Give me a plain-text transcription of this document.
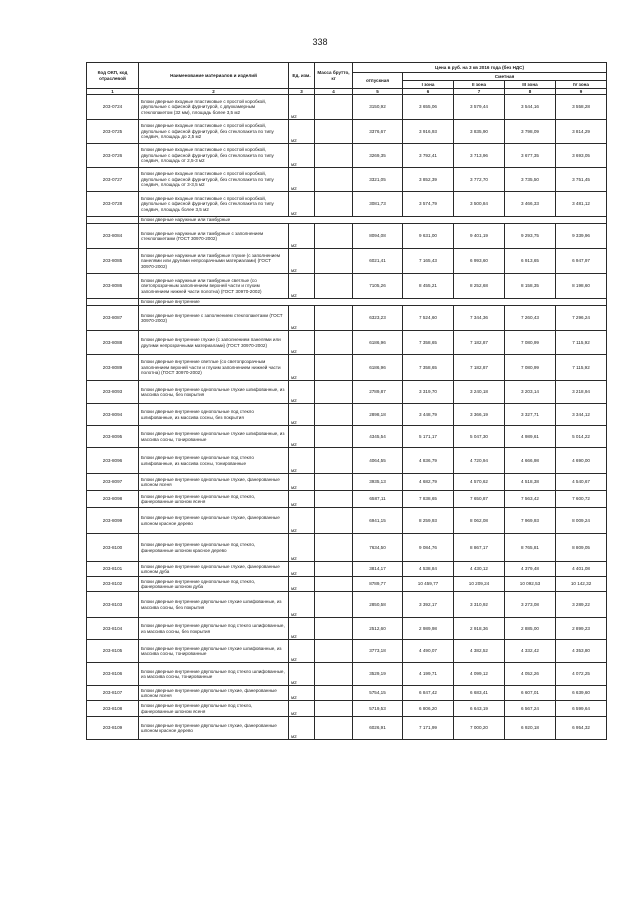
338
Код ОКП, код отраслевой	Наименование материалов и изделий	Ед. изм.	Масса брутто, кг	Цена в руб. на 3 кв 2016 года (без НДС)				
				отпускная	Сметная			
					I зона	II зона	III зона	IV зона
1	2	3	4	5	6	7	8	9
203-0724	Блоки дверные входные пластиковые с простой коробкой, двупольные с офисной фурнитурой, с двухкамерным стеклопакетом (32 мм), площадь более 3,5 м2	м2		3150,92	3 655,06	3 579,44	3 544,16	3 558,28
203-0725	Блоки дверные входные пластиковые с простой коробкой, двупольные с офисной фурнитурой, без стеклопакета по типу сэндвич, площадь до 2,5 м2	м2		3376,67	3 916,93	3 835,90	3 798,09	3 814,29
203-0726	Блоки дверные входные пластиковые с простой коробкой, двупольные с офисной фурнитурой, без стеклопакета по типу сэндвич, площадь от 2,5-3 м2	м2		3269,35	3 792,41	3 713,96	3 677,35	3 693,05
203-0727	Блоки дверные входные пластиковые с простой коробкой, двупольные с офисной фурнитурой, без стеклопакета по типу сэндвич, площадь от 3-3,5 м2	м2		3321,05	3 852,39	3 772,70	3 735,50	3 751,45
203-0728	Блоки дверные входные пластиковые с простой коробкой, двупольные с офисной фурнитурой, без стеклопакета по типу сэндвич, площадь более 3,5 м2	м2		3081,73	3 574,79	3 500,84	3 466,33	3 481,12
	Блоки дверные наружные или тамбурные							
203-8084	Блоки дверные наружные или тамбурные с заполнением стеклопакетами (ГОСТ 30970-2002)	м2		8094,08	9 631,00	9 401,19	9 293,75	9 339,96
203-8085	Блоки дверные наружные или тамбурные глухие (с заполнением панелями или другими непрозрачными материалами) (ГОСТ 30970-2002)	м2		6021,41	7 165,43	6 993,60	6 913,65	6 947,97
203-8086	Блоки дверные наружные или тамбурные светлые (со светопрозрачным заполнением верхней части и глухим заполнением нижней части полотна) (ГОСТ 30970-2002)	м2		7105,26	8 455,21	8 252,68	8 158,35	8 198,60
	Блоки дверные внутренние							
203-8087	Блоки дверные внутренние с заполнением стеклопакетами (ГОСТ 30970-2002)	м2		6323,23	7 524,60	7 344,36	7 260,43	7 296,24
203-8088	Блоки дверные внутренние глухие (с заполнением панелями или другими непрозрачными материалами) (ГОСТ 30970-2002)	м2		6186,96	7 358,65	7 182,87	7 080,99	7 115,92
203-8089	Блоки дверные внутренние светлые (со светопрозрачным заполнением верхней части и глухим заполнением нижней части полотна) (ГОСТ 30970-2002)	м2		6186,96	7 358,65	7 182,87	7 080,99	7 115,92
203-8093	Блоки дверные внутренние однопольные глухие шлифованные, из массива сосны, без покрытия	м2		2789,87	3 319,70	3 240,18	3 203,14	3 218,94
203-8094	Блоки дверные внутренние однопольные под стекло шлифованные, из массива сосны, без покрытия	м2		2898,18	3 448,79	3 366,19	3 327,71	3 344,12
203-8095	Блоки дверные внутренние однопольные глухие шлифованные, из массива сосны, тонированные	м2		4345,54	5 171,17	5 047,30	4 989,61	5 014,22
203-8096	Блоки дверные внутренние однопольные под стекло шлифованные, из массива сосны, тонированные	м2		4064,55	4 836,79	4 720,94	4 666,98	4 690,00
203-8097	Блоки дверные внутренние однопольные глухие, фанерованные шпоном ясеня	м2		3935,13	4 682,79	4 570,62	4 518,38	4 540,67
203-8098	Блоки дверные внутренние однопольные под стекло, фанерованные шпоном ясеня	м2		6587,11	7 838,65	7 650,87	7 563,42	7 600,72
203-8099	Блоки дверные внутренние однопольные глухие, фанерованные шпоном красное дерево	м2		6941,15	8 259,93	8 062,08	7 969,93	8 009,24
203-8100	Блоки дверные внутренние однопольные под стекло, фанерованные шпоном красное дерево	м2		7634,50	9 084,76	8 867,17	8 765,81	8 809,05
203-8101	Блоки дверные внутренние однопольные глухие, фанерованные шпоном дуба	м2		3814,17	4 538,84	4 430,12	4 379,48	4 401,08
203-8102	Блоки дверные внутренние однопольные под стекло, фанерованные шпоном дуба	м2		8789,77	10 459,77	10 209,24	10 092,53	10 142,32
203-8103	Блоки дверные внутренние двупольные глухие шлифованные, из массива сосны, без покрытия	м2		2850,58	3 392,17	3 310,92	3 273,08	3 289,22
203-8104	Блоки дверные внутренние двупольные под стекло шлифованные, из массива сосны, без покрытия	м2		2512,60	2 989,98	2 918,36	2 885,00	2 899,23
203-8105	Блоки дверные внутренние двупольные глухие шлифованные, из массива сосны, тонированные	м2		3773,18	4 490,07	4 382,52	4 332,42	4 353,80
203-8106	Блоки дверные внутренние двупольные под стекло шлифованные, из массива сосны, тонированные	м2		3529,19	4 199,71	4 099,12	4 052,26	4 072,25
203-8107	Блоки дверные внутренние двупольные глухие, фанерованные шпоном ясеня	м2		5754,15	6 847,42	6 683,41	6 607,01	6 639,60
203-8108	Блоки дверные внутренние двупольные под стекло, фанерованные шпоном ясеня	м2		5719,53	6 806,20	6 643,19	6 567,24	6 599,64
203-8109	Блоки дверные внутренние двупольные глухие, фанерованные шпоном красное дерево	м2		6026,91	7 171,99	7 000,20	6 920,18	6 954,32
